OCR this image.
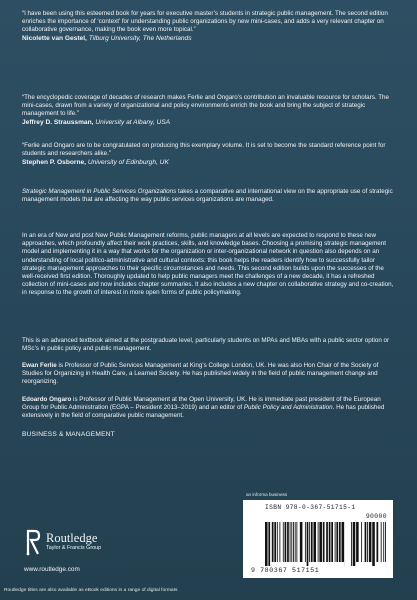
“I have been using this esteemed book for years for executive master’s students in strategic public management. The second edition enriches the importance of ‘context’ for understanding public organizations by new mini-cases, and adds a very relevant chapter on collaborative governance, making the book even more topical.”

Nicolette van Gestel, Tilburg University, The Netherlands

“The encyclopedic coverage of decades of research makes Ferlie and Ongaro’s contribution an invaluable resource for scholars. The mini-cases, drawn from a variety of organizational and policy environments enrich the book and bring the subject of strategic management to life.”

Jeffrey D. Straussman, University at Albany, USA

“Ferlie and Ongaro are to be congratulated on producing this exemplary volume. It is set to become the standard reference point for students and researchers alike.”

Stephen P. Osborne, University of Edinburgh, UK

Strategic Management in Public Services Organizations takes a comparative and international view on the appropriate use of strategic management models that are affecting the way public services organizations are managed.

In an era of New and post New Public Management reforms, public managers at all levels are expected to respond to these new approaches, which profoundly affect their work practices, skills, and knowledge bases. Choosing a promising strategic management model and implementing it in a way that works for the organization or inter-organizational network in question also depends on an understanding of local politico-administrative and cultural contexts: this book helps the readers identify how to successfully tailor strategic management approaches to their specific circumstances and needs. This second edition builds upon the successes of the well-received first edition. Thoroughly updated to help public managers meet the challenges of a new decade, it has a refreshed collection of mini-cases and now includes chapter summaries. It also includes a new chapter on collaborative strategy and co-creation, in response to the growth of interest in more open forms of public policymaking.

This is an advanced textbook aimed at the postgraduate level, particularly students on MPAs and MBAs with a public sector option or MSc’s in public policy and public management.

Ewan Ferlie is Professor of Public Services Management at King’s College London, UK. He was also Hon Chair of the Society of Studies for Organizing in Health Care, a Learned Society. He has published widely in the field of public management change and reorganizing.

Edoardo Ongaro is Professor of Public Management at the Open University, UK. He is immediate past president of the European Group for Public Administration (EGPA – President 2013–2019) and an editor of Public Policy and Administration. He has published extensively in the field of comparative public management.

BUSINESS & MANAGEMENT
an informa business
ISBN 978-0-367-51715-1
90000
9 780367 517151
Routledge
Taylor & Francis Group
www.routledge.com
Routledge titles are also available as eBook editions in a range of digital formats
